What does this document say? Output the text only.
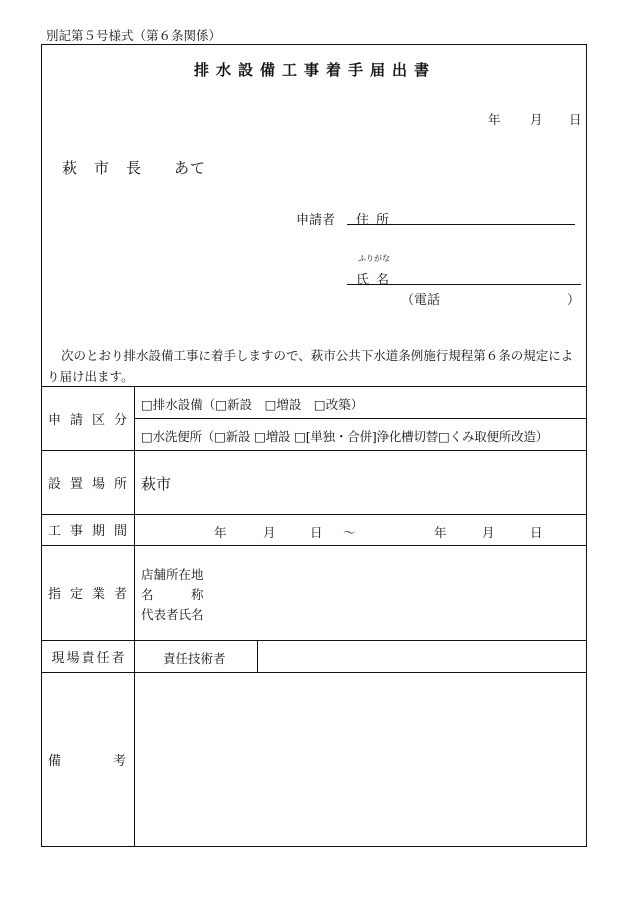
別記第５号様式（第６条関係）
排水設備工事着手届出書
年 月 日
萩　市　長　　あて
申請者 住所
ふりがな
氏名
（電話	）
次のとおり排水設備工事に着手しますので、萩市公共下水道条例施行規程第６条の規定により届け出ます。
申 請 区 分
□排水設備（□新設　□増設　□改築）
□水洗便所（□新設 □増設 □[単独・合併]浄化槽切替□くみ取便所改造）
設 置 場 所 萩市
工 事 期 間	年	月	日 ～	年	月	日
指 定 業 者
店舗所在地
名　　　称
代表者氏名
現場責任者	責任技術者
備	考
